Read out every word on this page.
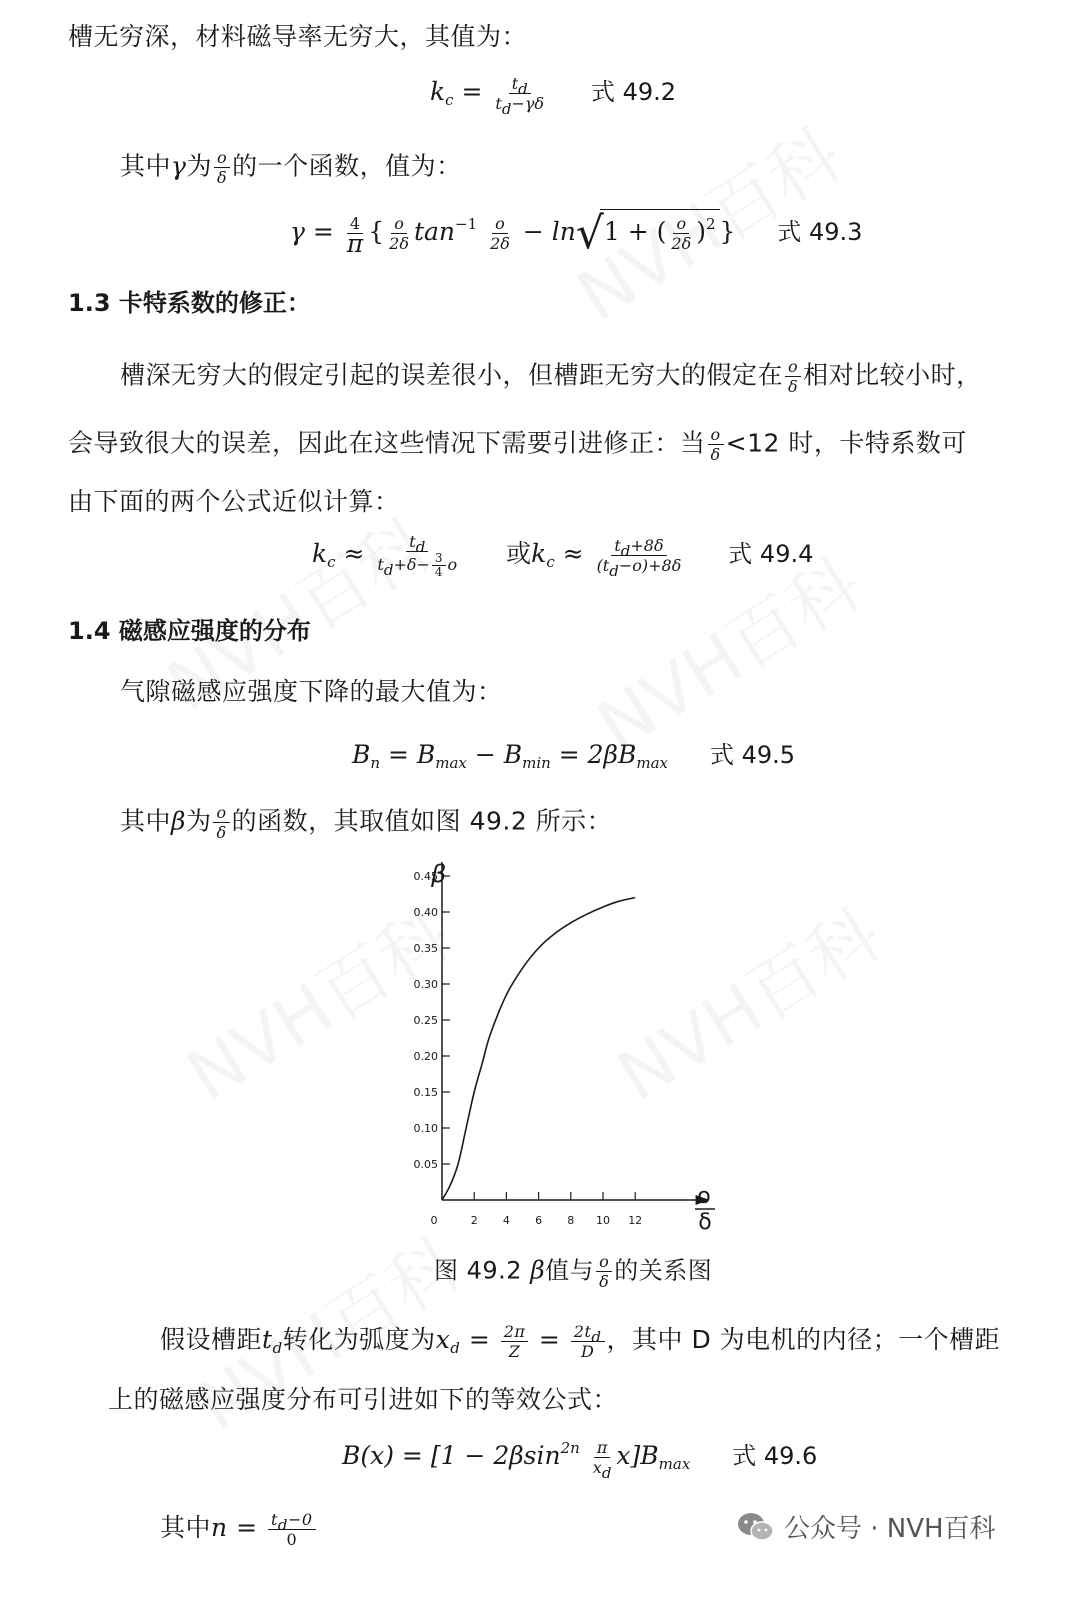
槽无穷深，材料磁导率无穷大，其值为：
$k_c = \frac{t_d}{t_d-\gamma\delta}$ 式 49.2
其中γ为 $\frac{o}{\delta}$ 的一个函数，值为：
$\gamma = \frac{4}{\pi}$ { $\frac{o}{2\delta} \tan^{-1} \frac{o}{2\delta} - \ln√1$ + ( $\frac{o}{2\delta} )^2$ } 式 49.3
1.3 卡特系数的修正：
槽深无穷大的假定引起的误差很小，但槽距无穷大的假定在 $\frac{o}{\delta}$ 相对比较小时，
会导致很大的误差，因此在这些情况下需要引进修正：当 $\frac{o}{\delta} <12$ 时，卡特系数可
由下面的两个公式近似计算：
$k_c \approx \frac{t_d}{t_d+\delta- \frac{3}{4} o}$ 或$k_c \approx \frac{t_d+8\delta}{(t_d-o)+8\delta}$ 式 49.4
1.4 磁感应强度的分布
气隙磁感应强度下降的最大值为：
$B_n = B_{max} - B_{min} = 2\beta B_{max}$ 式 49.5
其中β为 $\frac{o}{\delta}$ 的函数，其取值如图 49.2 所示：
0.05
0.10
0.15
0.20
0.25
0.30
0.35
0.40
0.45
0	2 4 6 8 10 12
β
o
δ
图 49.2 β值与 $\frac{o}{\delta}$ 的关系图
假设槽距$t_d$转化为弧度为$x_d = \frac{2\pi}{Z} = \frac{2t_d}{D}$ ，其中 D 为电机的内径；一个槽距
上的磁感应强度分布可引进如下的等效公式：
$B(x) = [1 - 2\beta\sin^{2n} \frac{\pi}{x_d} x]B_{max}$ 式 49.6
其中$n = \frac{t_d-0}{0}$	公众号 · NVH百科
